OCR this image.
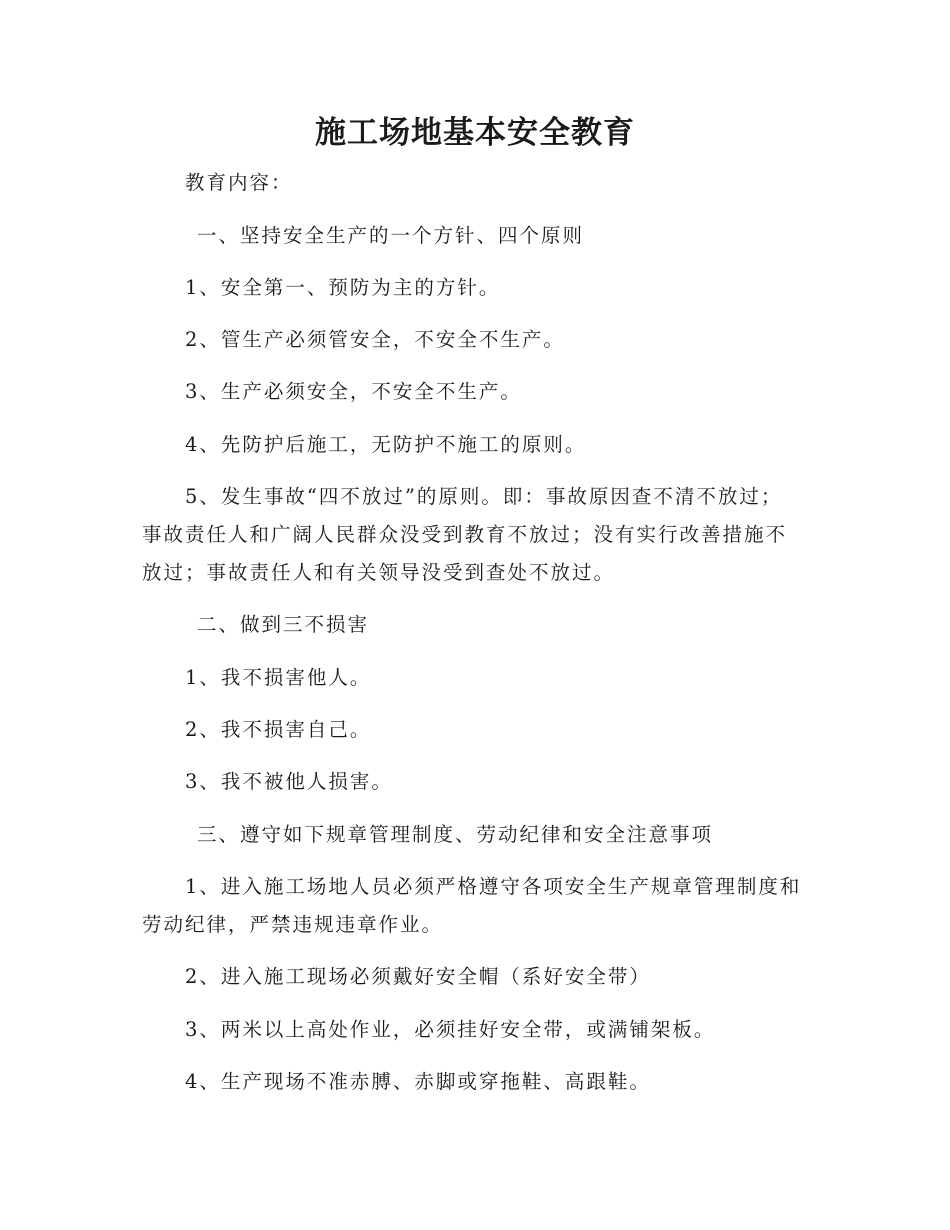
施工场地基本安全教育
教育内容：
一、坚持安全生产的一个方针、四个原则
1、安全第一、预防为主的方针。
2、管生产必须管安全，不安全不生产。
3、生产必须安全，不安全不生产。
4、先防护后施工，无防护不施工的原则。
5、发生事故“四不放过”的原则。即：事故原因查不清不放过；
事故责任人和广阔人民群众没受到教育不放过；没有实行改善措施不
放过；事故责任人和有关领导没受到查处不放过。
二、做到三不损害
1、我不损害他人。
2、我不损害自己。
3、我不被他人损害。
三、遵守如下规章管理制度、劳动纪律和安全注意事项
1、进入施工场地人员必须严格遵守各项安全生产规章管理制度和
劳动纪律，严禁违规违章作业。
2、进入施工现场必须戴好安全帽（系好安全带）
3、两米以上高处作业，必须挂好安全带，或满铺架板。
4、生产现场不准赤膊、赤脚或穿拖鞋、高跟鞋。
